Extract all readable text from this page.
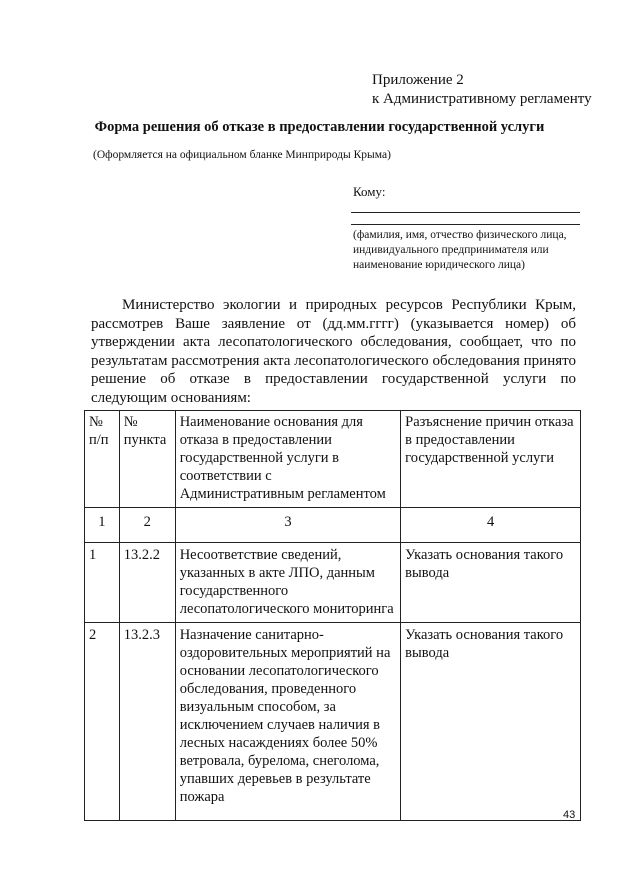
Приложение 2
к Административному регламенту
Форма решения об отказе в предоставлении государственной услуги
(Оформляется на официальном бланке Минприроды Крыма)
Кому:
(фамилия, имя, отчество физического лица, индивидуального предпринимателя или наименование юридического лица)
Министерство экологии и природных ресурсов Республики Крым, рассмотрев Ваше заявление от (дд.мм.гггг) (указывается номер) об утверждении акта лесопатологического обследования, сообщает, что по результатам рассмотрения акта лесопатологического обследования принято решение об отказе в предоставлении государственной услуги по следующим основаниям:
№ п/п	№ пункта	Наименование основания для отказа в предоставлении государственной услуги в соответствии с Административным регламентом	Разъяснение причин отказа в предоставлении государственной услуги
1	2	3	4
1	13.2.2	Несоответствие сведений, указанных в акте ЛПО, данным государственного лесопатологического мониторинга	Указать основания такого вывода
2	13.2.3	Назначение санитарно-оздоровительных мероприятий на основании лесопатологического обследования, проведенного визуальным способом, за исключением случаев наличия в лесных насаждениях более 50% ветровала, бурелома, снеголома, упавших деревьев в результате пожара	Указать основания такого вывода
43
